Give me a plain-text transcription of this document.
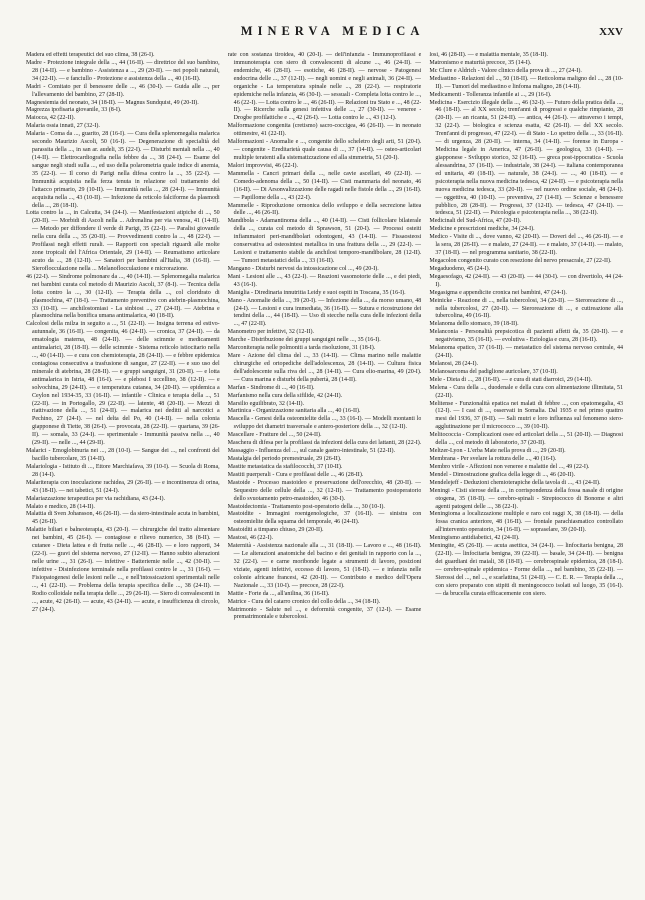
MINERVA MEDICA	XXV

Madera ed effetti terapeutici del suo clima, 38 (26-I).

Madre - Protezione integrale della ..., 44 (16-II). — direttrice del suo bambino, 28 (14-II). — e bambino - Assistenza a ..., 29 (20-II). — nei popoli naturali, 34 (22-II). — e fanciullo - Protezione e assistenza della ..., 40 (16-II).

Madri - Comitato per il benessere delle ..., 46 (30-I). — Guida alle ..., per l'allevamento del bambino, 27 (28-II).

Magnesiemia del neonato, 34 (18-II). — Magnus Sundquist, 49 (20-II).

Magrezza ipofisaria giovanile, 33 (8-I).

Maiocca, 42 (22-II).

Malaria ossia innati, 27 (32-I).

Malaria - Coma da ..., guarito, 28 (16-I). — Cura della splenomegalia malarica secondo Maurizio Ascoli, 50 (16-I). — Degenerazione di specialità del parassita della ..., in san ar. audeli, 35 (22-I). — Disturbi mentali nella ..., 40 (14-II). — Elettrocardiografia nella febbre da ..., 38 (24-I). — Esame del sangue negli studi sulla ..., ed uso della polarometria quale indice di anemia, 35 (22-I). — Il corso di Parigi nella difesa contro la ..., 35 (22-I). — Immunità acquisita nella ferza tenuta in relazione col trattamento del l'attacco primario, 29 (10-II). — Immunità nella ..., 28 (24-I). — Immunità acquisita nella ..., 43 (10-II). — Infezione da reticolo falciforme da plasmodi della ..., 28 (18-II).

Lotta contro la ..., in Calcutta, 34 (24-I). — Manifestazioni atipiche di ..., 50 (20-II). — Morbidi di Ascoli nella ... Adrenalina per via venosa, 41 (14-II). — Metodo per diffondere il verde di Parigi, 35 (22-I). — Paralisi giovanile nella cura della ..., 35 (20-II). — Provvedimenti contro la ..., 48 (22-I). — Profilassi negli effetti rurali. — Rapporti con speciali riguardi alle molte zone tropicali del l'Africa Orientale, 29 (14-II). — Reumatismo articolare acuto da ..., 28 (12-II). — Sanatori per bambini all'Italia, 38 (16-II). — Sieroflocculazione nella ... Melanoflocculazione e microrazione.

46 (22-I). — Sindrome polmonare da ..., 40 (14-II). — Splenomegalia malarica nei bambini curata col metodo di Maurizio Ascoli, 37 (8-I). — Tecnica della lotta contro la ..., 30 (12-II). — Terapia della ..., col cloridrato di plasmochina, 47 (18-I). — Trattamento preventivo con atebrin-plasmochina, 33 (10-II). — anchilostomiasi - La sinbiosi ..., 27 (24-II). — Atebrina e plasmochina nella bonifica umana antimalarica, 40 (18-II).

Calcolosi della milza in seguito a ..., 51 (22-II). — Insigna terrena ed estivo-autunnale, 36 (16-II). — congenita, 46 (24-II). — cronica, 37 (24-II). — da ematologia materna, 48 (24-II). — delle scimmie e medicamenti antimalarici, 28 (18-II). — delle scimmie - Sistema reticolo istiocitario nella ..., 40 (14-II). — e cura con chemioterapia, 28 (24-II). — e febbre epidemica contagiosa consecutiva a trasfusione di sangue, 27 (22-II). — e suo uso del minerale di atebrina, 28 (28-II). — e gruppi sanguigni, 31 (20-II). — e lotta antimalarica in Istria, 48 (16-I). — e plebosi I uccellino, 38 (12-II). — e solvochina, 29 (24-II). — e temperatura cutanea, 34 (20-II). — epidemica a Ceylon nel 1934-35, 33 (16-II). — infantile - Clinica e terapia della ..., 51 (22-II). — in Portogallo, 29 (22-II). — latente, 48 (20-II). — Mezzi di riattivazione della ..., 51 (24-II). — malarica nei deditti al narcotici a Pechino, 27 (24-I). — nel delta del Po, 40 (14-II). — nella colonia giapponese di Tiette, 38 (26-I). — provocata, 28 (22-II). — quartana, 39 (26-II). — somala, 33 (24-I). — sperimentale - Immunità passiva nella ..., 40 (29-II). — nelle ..., 44 (29-II).

Malarici - Emoglobinuria nei ..., 28 (10-I). — Sangue dei ..., nel confronti del bacillo tubercolare, 35 (14-II).

Malariologia - Istituto di ..., Ettore Marchiafava, 39 (10-I). — Scuola di Roma, 28 (14-I).

Malariterapia con inoculazione rachidea, 29 (26-II). — e incontinenza di orina, 43 (18-II). — nei tabetici, 51 (24-I).

Malariazzazione terapeutica per via rachidiana, 43 (24-I).

Malato e medico, 28 (14-II).

Malattia di Sven Johansson, 46 (26-II). — da siero-intestinale acuta in bambini, 45 (26-II).

Malattie biliari e balneoterapia, 43 (20-I). — chirurgiche del tratto alimentare nei bambini, 45 (26-I). — contagiose e rilievo numerico, 38 (8-II). — cutanee - Dieta lattea e di frutta nelle ..., 46 (28-II). — e loro rapporti, 34 (22-I). — gravi del sistema nervoso, 27 (12-II). — Hanno subito alterazioni nelle urine ..., 31 (26-I). — infettive - Batteriemie nelle ..., 42 (30-II). — infettive - Disinfezione terminale nella profilassi contro le ..., 31 (16-I). — Fisiopatogenesi delle lesioni nelle ..., e nell'intossicazioni sperimentali nelle ..., 41 (22-II). — Problema della terapia specifica delle ..., 38 (24-II). — Rodio colloidale nella terapia delle ..., 29 (26-II). — Siero di convalescenti in ..., acute, 42 (26-II). — acute, 43 (24-II). — acute, e insufficienza di circolo, 27 (24-I).

rate con sostanza tiroidea, 40 (20-I). — dell'infanzia - Immunoprofilassi e immunoterapia con siero di convalescenti di alcune ..., 46 (24-II). — endemiche, 46 (28-II). — esotiche, 46 (28-II). — nervose - Patogenesi endocrina delle ..., 37 (12-II). — negli uomini e negli animali, 36 (24-II). — organiche - La temperatura spinale nelle ..., 28 (22-I). — respiratorie epidemiche nella infanzia, 46 (30-I). — sessuali - Completa lotta contro le ..., 46 (22-I). — Lotta contro le ..., 46 (26-II). — Relazioni tra Stato e ..., 48 (22-II). — Ricerche sulla genesi infettiva delle ..., 27 (30-II). — veneree - Drogbe profilattiche e ..., 42 (26-I). — Lotta contro le ..., 43 (12-I).

Malformazione congenita (cretismo) sacro-coccigea, 46 (26-II). — in neonato ottimestre, 41 (22-II).

Malformazioni - Anomalie e ..., congenite dello scheletro degli arti, 51 (20-I). — congenite - Ereditarietà quale causa di ..., 37 (14-II). — osteo-articolari multiple teratenti alla sistematizzazione ed alla simmetria, 51 (20-I).

Malori improvvisi, 46 (22-I).

Mammella - Cancri primari della ..., nelle cavie ascellari, 49 (22-II). — Comedo-adenoma della ..., 50 (14-II). — Cisti mammaria del neonato, 46 (16-II). — Di Arsonvalizzazione delle ragadi nelle fistole della ..., 29 (16-II). — Papillome della ..., 43 (22-I).

Mammelle - Riproduzione ormonica dello sviluppo e della secrezione lattea delle ..., 46 (26-II).

Mandibola - Adamantinoma della ..., 40 (14-II). — Cisti follicolare bilaterale della ..., curata col metodo di Sprawson, 51 (20-I). — Processi osteiti infiammatori peri-mandibolari odontogeni, 43 (14-II). — Fissaosteosi conservativa ad osteosintesi metallica in una frattura della ..., 29 (22-I). — Lesioni e trattamento stabile da anchilosi temporo-mandibolare, 28 (12-II). — Tumori metastatici della ..., 33 (16-II).

Mangano - Disturbi nervosi da intossicazione col ..., 49 (20-I).

Mani - Lesioni alle ..., 43 (22-I). — Reazioni vasomotorie delle ..., e dei piedi, 43 (16-I).

Maniglia - Diredinaria innutritia Leidy e suoi ospiti in Toscana, 35 (16-I).

Mano - Anomalie della ..., 39 (20-I). — Infezione della ..., da morso umano, 48 (24-I). — Lesioni e cura immediata, 36 (16-II). — Sutura e ricostruzione dei tendini della ..., 44 (18-II). — Uso di stecche nella cura delle infezioni della ..., 47 (22-II).

Manometro per infettivi, 32 (12-II).

Marche - Distribuzione dei gruppi sanguigni nelle ..., 35 (16-I).

Marconiterapia nelle polmoniti a tarda risoluzione, 31 (18-I).

Mare - Azione del clima del ..., 33 (14-II). — Clima marino nelle malattie chirurgiche ed ortopediche dell'adolescenza, 28 (14-II). — Cultura fisica dell'adolescente sulla riva del ..., 28 (14-II). — Cura elio-marina, 49 (20-I). — Cura marina e disturbi della pubertà, 28 (14-II).

Marfan - Sindrome di ..., 40 (16-II).

Marfanismo nella cura della sifilide, 42 (24-II).

Marsilio eguilibrato, 32 (14-II).

Martinica - Organizzazione sanitaria alla ..., 40 (16-II).

Mascella - Genesi della osteomielite della ..., 33 (16-I). — Modelli montanti lo sviluppo dei diametri trasversale e antero-posteriore della ..., 32 (12-II).

Mascellare - Fratture del ..., 50 (24-II).

Maschera di difesa per la profilassi da infezioni della cura dei lattanti, 28 (22-I).

Massaggio - Influenza del ..., sul canale gastro-intestinale, 51 (22-II).

Mastalgia del periodo premestruale, 29 (26-II).

Mastite metastatica da stafilococchi, 37 (10-II).

Mastiti puerperali - Cura e profilassi delle ..., 46 (28-II).

Mastoide - Processo mastoideo e preservazione dell'orecchio, 48 (20-II). — Sequestro delle cellule della ..., 32 (12-II). — Trattamento postoperatorio dello svuotamento petro-mastoideo, 46 (30-I).

Mastoidectomia - Trattamento post-operatorio della ..., 30 (10-I).

Mastoidite - Immagini roentgenologiche, 37 (16-II). — sinistra con osteomielite della squama del temporale, 46 (24-II).

Mastoiditi a timpano chiuso, 29 (20-II).

Mastosi, 46 (22-I).

Maternità - Assistenza nazionale alla ..., 31 (18-II). — Lavoro e ..., 48 (16-II). — Le alterazioni anatomiche del bacino e dei genitali in rapporto con la ..., 32 (22-I). — e carne moribonde legate a strumenti di lavoro, posizioni viziate, agenti infettivi, eccesso di lavoro, 51 (18-II). — e infanzia nelle colonie africane francesi, 42 (20-II). — Contributo e medico dell'Opera Nazionale ..., 33 (10-I). — precoce, 28 (22-I).

Mattie - Forte da ..., all'anilina, 36 (16-II).

Matrice - Cura del catarro cronico del collo della ..., 34 (18-II).

Matrimonio - Salute nel ..., e deformità congenite, 37 (12-I). — Esame prematrimoniale e tubercolosi.

losi, 46 (28-II). — e malattia mentale, 35 (18-II).

Matronismo e maturità precoce, 35 (14-I).

Mc Clure e Aldrich - Valore clinico della prova di ..., 27 (24-I).

Mediastino - Relazioni del ..., 50 (18-II). — Reticoloma maligno del ..., 28 (10-II). — Tumori del mediastino e linfoma maligno, 28 (14-II).

Medicamenti - Tolleranza infantile ai ..., 29 (16-I).

Medicina - Esercizio illegale della ..., 46 (32-I). — Futuro della pratica della ..., 46 (18-II). — al XX secolo; trent'anni di progressi e qualche rimpianto, 28 (20-II). — an ricanta, 51 (24-II). — antica, 44 (26-I). — attraverso i tempi, 32 (22-I). — biologica e scienza esatta, 42 (26-II). — del XX secolo. Trent'anni di progresso, 47 (22-I). — di Stato - Lo spettro della ..., 33 (16-II). — di urgenza, 28 (20-II). — interna, 34 (14-II). — forense in Europa - Medicina legale in America, 47 (26-II). — geologica, 33 (14-II). — giapponese - Sviluppo storico, 32 (16-II). — greca post-ippocratica - Scuola alessandrina, 37 (16-II). — industriale, 38 (24-I). — italiana contemporanea ed unitaria, 49 (18-II). — naturale, 38 (24-I). — ..., 40 (18-II). — e psicoterapia nella nuova medicina tedesca, 42 (24-II). — e psicoterapia nella nuova medicina tedesca, 33 (20-II). — nel nuovo ordine sociale, 48 (24-I). — oggettiva, 40 (10-II). — preventiva, 27 (14-II). — Scienze e benessere pubblico, 28 (28-II). — Progressi, 37 (12-II). — tedesca, 47 (24-II). — tedesca, 51 (22-II). — Psicologia e psicoterapia nella ..., 38 (22-II).

Medicinali del Sud-Africa, 47 (20-II).

Medicine e prescrizioni mediche, 34 (24-I).

Medico - Visite di ..., dove vanno, 42 (20-II). — Doveri del ..., 46 (26-II). — e la sera, 28 (26-II). — e malato, 27 (24-II). — e malato, 37 (14-II). — malato, 37 (18-II). — nel programma sanitario, 38 (22-II).

Megacolon congenito curato con resezione del nervo presacrale, 27 (22-II).

Megaduodeno, 45 (24-I).

Megaesofago, 42 (24-II). — 43 (20-II). — 44 (30-I). — con divertiolo, 44 (24-I).

Megasigma e appendicite cronica nei bambini, 47 (24-I).

Meinicke - Reazione di ..., nella tubercolosi, 34 (20-II). — Sieroreazione di ..., nella tubercolosi, 27 (20-II). — Sieroreazione di ..., e cutireazione alla tubercolina, 49 (16-II).

Melanoma dello stomaco, 39 (18-II).

Melanconia - Personalità prepsicotica di pazienti affetti da, 35 (20-II). — e negativismo, 35 (16-II). — evolutiva - Eziologia e cura, 28 (16-II).

Melanoma epatico, 37 (16-II). — metastatico del sistema nervoso centrale, 44 (24-II).

Melanosi, 28 (24-I).

Melanosarcoma del padiglione auricolare, 37 (10-II).

Mele - Dieta di ..., 28 (16-II). — e cura di stati diarroici, 29 (14-II).

Melena - Cura della ..., duodenale e della cura con alimentazione illimitata, 51 (22-II).

Melitense - Funzionalità epatica nei malati di febbre ..., con epatomegalia, 43 (12-I). — I casi di ..., osservati in Somalia. Dal 1935 e nel primo quattro mesi del 1936, 37 (8-II). — Sali mutri e loro influenza sul fenomeno siero-agglutinazione per il micrococco ..., 39 (10-II).

Melitococcia - Complicazioni osee ed articolari della ..., 51 (20-II). — Diagnosi della ..., col metodo di laboratorio, 37 (20-II).

Meltzer-Lyon - L'erba Mate nella prova di ..., 29 (20-II).

Membrana - Per svelare la rottura delle ..., 40 (16-I).

Membro virile - Affezioni non veneree e malattie del ..., 49 (22-I).

Mendel - Dimostrazione grafica della legge di ..., 46 (20-II).

Mendelejeff - Deduzioni chemioterapiche della tavola di ..., 43 (24-II).

Meningi - Cisti sierose della ..., in corrispondenza della fossa nasale di origine otogena, 35 (18-II). — cerebro-spinali - Streptococco di Bonome e altri agenti patogeni delle ..., 38 (22-I).

Meningioma a localizzazione multiple e raro coi raggi X, 38 (18-II). — della fossa cranica anteriore, 48 (16-II). — frontale parachiasmatico controllato all'intervento operatorio, 34 (16-II). — sopraselare, 39 (20-II).

Meningismo antidiabetici, 42 (24-II).

Meningite, 45 (26-II). — acuta asettica, 34 (24-I). — linfocitaria benigna, 28 (22-II). — linfocitaria benigna, 39 (22-II). — basale, 34 (24-II). — benigna dei guardiani dei maiali, 38 (18-II). — cerebrospinale epidemica, 28 (18-I). — cerebro-spinale epidemica - Forme della ..., nel bambino, 35 (22-II). — Sierossi del ..., nel ..., e scarlattina, 51 (24-II). — C. E. R. — Terapia della ..., con siero preparato con stipiti di meningococco isolati sul luogo, 35 (16-I). — da brucella curata efficacemente con siero.
